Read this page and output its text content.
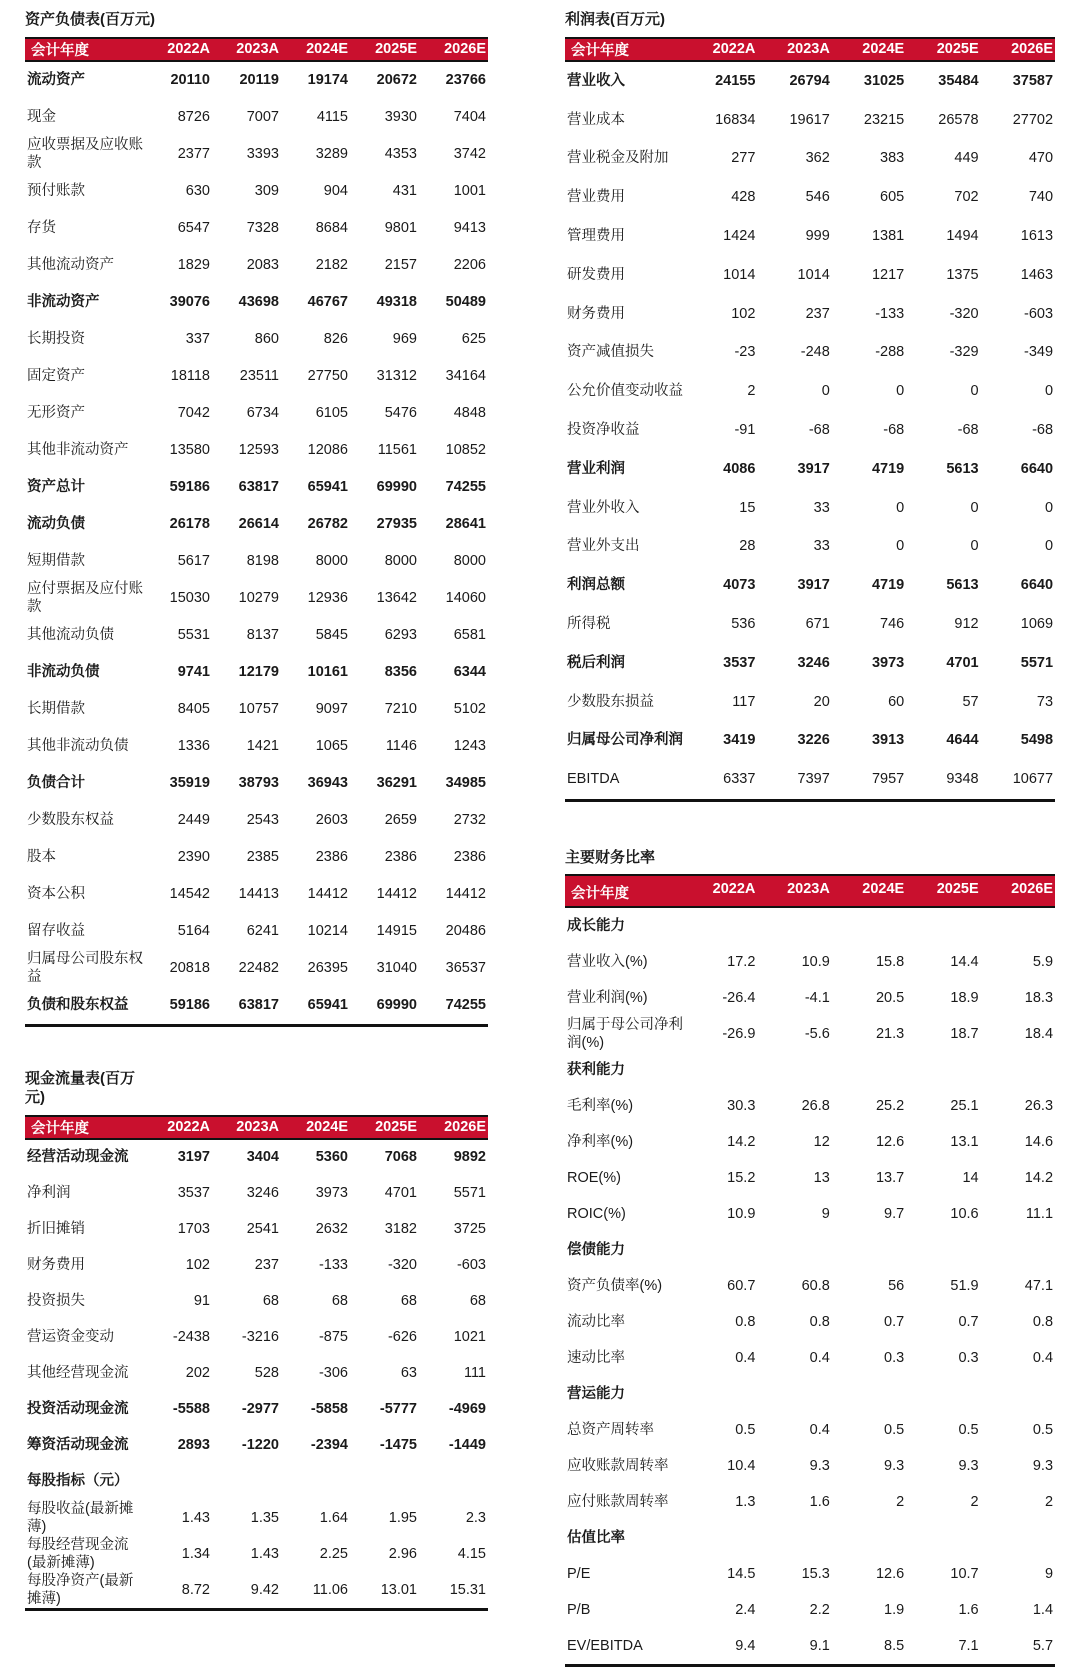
资产负债表(百万元)
会计年度	2022A	2023A	2024E	2025E	2026E
流动资产	20110	20119	19174	20672	23766
现金	8726	7007	4115	3930	7404
应收票据及应收账款
2377	3393	3289	4353	3742
预付账款	630	309	904	431	1001
存货	6547	7328	8684	9801	9413
其他流动资产	1829	2083	2182	2157	2206
非流动资产	39076	43698	46767	49318	50489
长期投资	337	860	826	969	625
固定资产	18118	23511	27750	31312	34164
无形资产	7042	6734	6105	5476	4848
其他非流动资产	13580	12593	12086	11561	10852
资产总计	59186	63817	65941	69990	74255
流动负债	26178	26614	26782	27935	28641
短期借款	5617	8198	8000	8000	8000
应付票据及应付账款
15030	10279	12936	13642	14060
其他流动负债	5531	8137	5845	6293	6581
非流动负债	9741	12179	10161	8356	6344
长期借款	8405	10757	9097	7210	5102
其他非流动负债	1336	1421	1065	1146	1243
负债合计	35919	38793	36943	36291	34985
少数股东权益	2449	2543	2603	2659	2732
股本	2390	2385	2386	2386	2386
资本公积	14542	14413	14412	14412	14412
留存收益	5164	6241	10214	14915	20486
归属母公司股东权益
20818	22482	26395	31040	36537
负债和股东权益	59186	63817	65941	69990	74255
现金流量表(百万元)
会计年度	2022A	2023A	2024E	2025E	2026E
经营活动现金流	3197	3404	5360	7068	9892
净利润	3537	3246	3973	4701	5571
折旧摊销	1703	2541	2632	3182	3725
财务费用	102	237	-133	-320	-603
投资损失	91	68	68	68	68
营运资金变动	-2438	-3216	-875	-626	1021
其他经营现金流	202	528	-306	63	111
投资活动现金流	-5588	-2977	-5858	-5777	-4969
筹资活动现金流	2893	-1220	-2394	-1475	-1449
每股指标（元）
每股收益(最新摊薄)
1.43	1.35	1.64	1.95	2.3
每股经营现金流(最新摊薄)
1.34	1.43	2.25	2.96	4.15
每股净资产(最新摊薄)
8.72	9.42	11.06	13.01	15.31
利润表(百万元)
会计年度	2022A	2023A	2024E	2025E	2026E
营业收入	24155	26794	31025	35484	37587
营业成本	16834	19617	23215	26578	27702
营业税金及附加	277	362	383	449	470
营业费用	428	546	605	702	740
管理费用	1424	999	1381	1494	1613
研发费用	1014	1014	1217	1375	1463
财务费用	102	237	-133	-320	-603
资产减值损失	-23	-248	-288	-329	-349
公允价值变动收益	2	0	0	0	0
投资净收益	-91	-68	-68	-68	-68
营业利润	4086	3917	4719	5613	6640
营业外收入	15	33	0	0	0
营业外支出	28	33	0	0	0
利润总额	4073	3917	4719	5613	6640
所得税	536	671	746	912	1069
税后利润	3537	3246	3973	4701	5571
少数股东损益	117	20	60	57	73
归属母公司净利润	3419	3226	3913	4644	5498
EBITDA	6337	7397	7957	9348	10677
主要财务比率
会计年度	2022A	2023A	2024E	2025E	2026E
成长能力
营业收入(%)	17.2	10.9	15.8	14.4	5.9
营业利润(%)	-26.4	-4.1	20.5	18.9	18.3
归属于母公司净利润(%)
-26.9	-5.6	21.3	18.7	18.4
获利能力
毛利率(%)	30.3	26.8	25.2	25.1	26.3
净利率(%)	14.2	12	12.6	13.1	14.6
ROE(%)	15.2	13	13.7	14	14.2
ROIC(%)	10.9	9	9.7	10.6	11.1
偿债能力
资产负债率(%)	60.7	60.8	56	51.9	47.1
流动比率	0.8	0.8	0.7	0.7	0.8
速动比率	0.4	0.4	0.3	0.3	0.4
营运能力
总资产周转率	0.5	0.4	0.5	0.5	0.5
应收账款周转率	10.4	9.3	9.3	9.3	9.3
应付账款周转率	1.3	1.6	2	2	2
估值比率
P/E	14.5	15.3	12.6	10.7	9
P/B	2.4	2.2	1.9	1.6	1.4
EV/EBITDA	9.4	9.1	8.5	7.1	5.7
